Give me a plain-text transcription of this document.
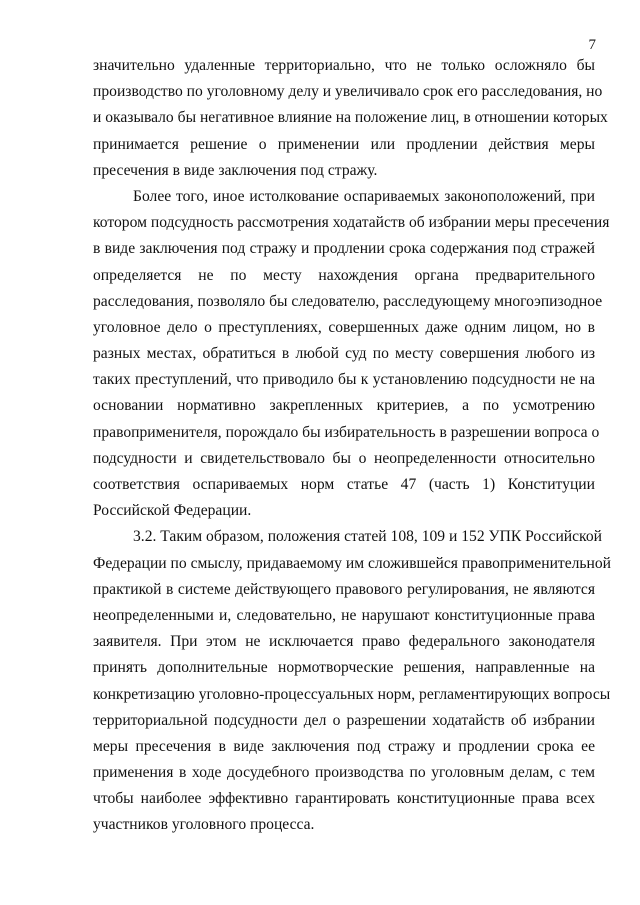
7
значительно удаленные территориально, что не только осложняло бы
производство по уголовному делу и увеличивало срок его расследования, но
и оказывало бы негативное влияние на положение лиц, в отношении которых
принимается решение о применении или продлении действия меры
пресечения в виде заключения под стражу.
Более того, иное истолкование оспариваемых законоположений, при
котором подсудность рассмотрения ходатайств об избрании меры пресечения
в виде заключения под стражу и продлении срока содержания под стражей
определяется не по месту нахождения органа предварительного
расследования, позволяло бы следователю, расследующему многоэпизодное
уголовное дело о преступлениях, совершенных даже одним лицом, но в
разных местах, обратиться в любой суд по месту совершения любого из
таких преступлений, что приводило бы к установлению подсудности не на
основании нормативно закрепленных критериев, а по усмотрению
правоприменителя, порождало бы избирательность в разрешении вопроса о
подсудности и свидетельствовало бы о неопределенности относительно
соответствия оспариваемых норм статье 47 (часть 1) Конституции
Российской Федерации.
3.2. Таким образом, положения статей 108, 109 и 152 УПК Российской
Федерации по смыслу, придаваемому им сложившейся правоприменительной
практикой в системе действующего правового регулирования, не являются
неопределенными и, следовательно, не нарушают конституционные права
заявителя. При этом не исключается право федерального законодателя
принять дополнительные нормотворческие решения, направленные на
конкретизацию уголовно-процессуальных норм, регламентирующих вопросы
территориальной подсудности дел о разрешении ходатайств об избрании
меры пресечения в виде заключения под стражу и продлении срока ее
применения в ходе досудебного производства по уголовным делам, с тем
чтобы наиболее эффективно гарантировать конституционные права всех
участников уголовного процесса.
